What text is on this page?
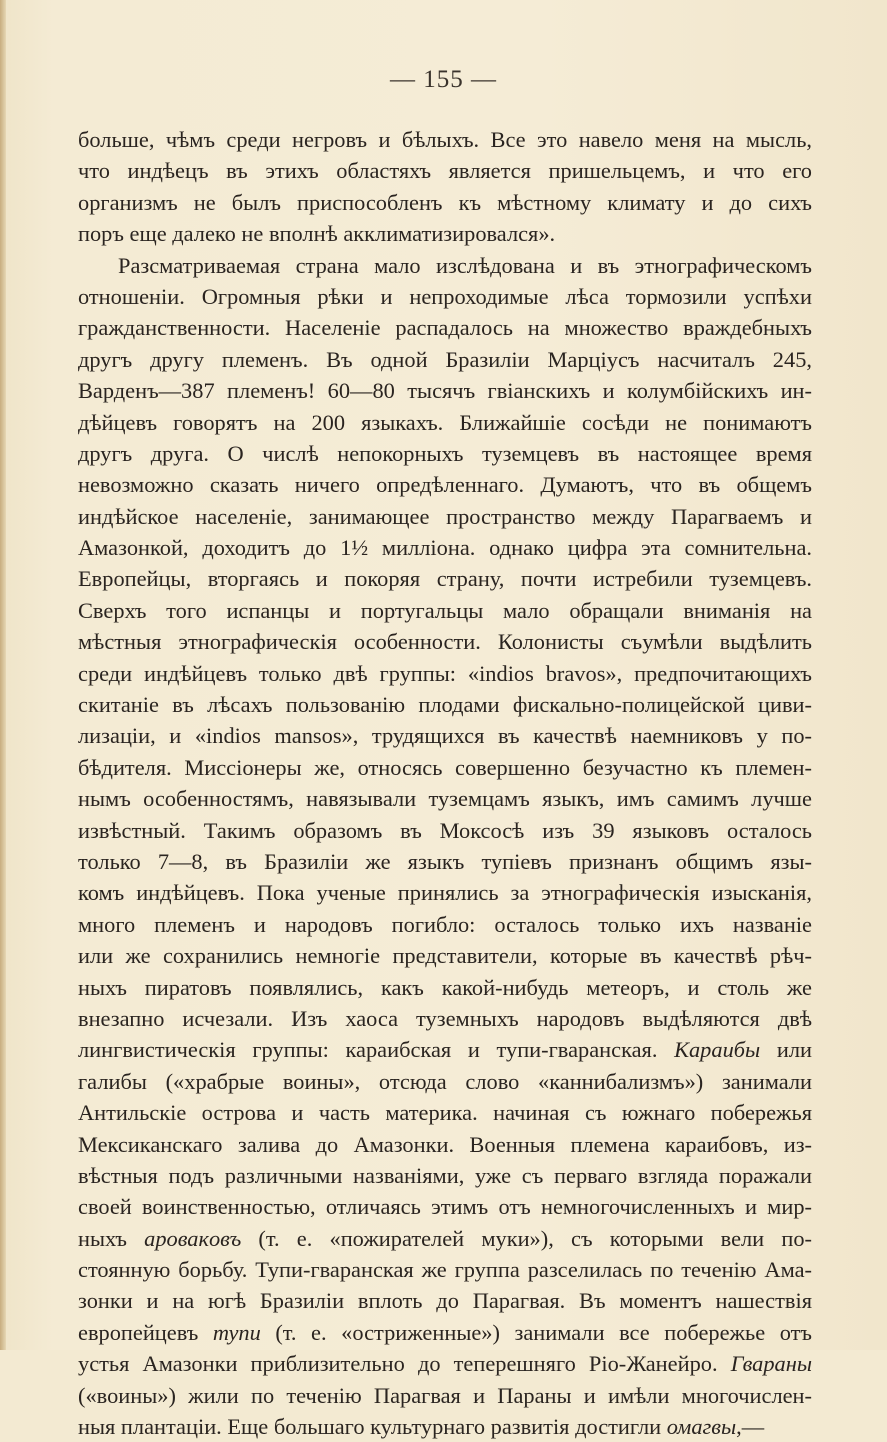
— 155 —
больше, чѣмъ среди негровъ и бѣлыхъ. Все это навело меня на мысль,
что индѣецъ въ этихъ областяхъ является пришельцемъ, и что его
организмъ не былъ приспособленъ къ мѣстному климату и до сихъ
поръ еще далеко не вполнѣ акклиматизировался».
Разсматриваемая страна мало изслѣдована и въ этнографическомъ
отношеніи. Огромныя рѣки и непроходимые лѣса тормозили успѣхи
гражданственности. Населеніе распадалось на множество враждебныхъ
другъ другу племенъ. Въ одной Бразиліи Марціусъ насчиталъ 245,
Варденъ—387 племенъ! 60—80 тысячъ гвіанскихъ и колумбійскихъ ин-
дѣйцевъ говорятъ на 200 языкахъ. Ближайшіе сосѣди не понимаютъ
другъ друга. О числѣ непокорныхъ туземцевъ въ настоящее время
невозможно сказать ничего опредѣленнаго. Думаютъ, что въ общемъ
индѣйское населеніе, занимающее пространство между Парагваемъ и
Амазонкой, доходитъ до 1½ милліона. однако цифра эта сомнительна.
Европейцы, вторгаясь и покоряя страну, почти истребили туземцевъ.
Сверхъ того испанцы и португальцы мало обращали вниманія на
мѣстныя этнографическія особенности. Колонисты съумѣли выдѣлить
среди индѣйцевъ только двѣ группы: «indios bravos», предпочитающихъ
скитаніе въ лѣсахъ пользованію плодами фискально-полицейской циви-
лизаціи, и «indios mansos», трудящихся въ качествѣ наемниковъ у по-
бѣдителя. Миссіонеры же, относясь совершенно безучастно къ племен-
нымъ особенностямъ, навязывали туземцамъ языкъ, имъ самимъ лучше
извѣстный. Такимъ образомъ въ Моксосѣ изъ 39 языковъ осталось
только 7—8, въ Бразиліи же языкъ тупіевъ признанъ общимъ язы-
комъ индѣйцевъ. Пока ученые принялись за этнографическія изысканія,
много племенъ и народовъ погибло: осталось только ихъ названіе
или же сохранились немногіе представители, которые въ качествѣ рѣч-
ныхъ пиратовъ появлялись, какъ какой-нибудь метеоръ, и столь же
внезапно исчезали. Изъ хаоса туземныхъ народовъ выдѣляются двѣ
лингвистическія группы: караибская и тупи-гваранская. Караибы или
галибы («храбрые воины», отсюда слово «каннибализмъ») занимали
Антильскіе острова и часть материка. начиная съ южнаго побережья
Мексиканскаго залива до Амазонки. Военныя племена караибовъ, из-
вѣстныя подъ различными названіями, уже съ перваго взгляда поражали
своей воинственностью, отличаясь этимъ отъ немногочисленныхъ и мир-
ныхъ аровакoвъ (т. е. «пожирателей муки»), съ которыми вели по-
стоянную борьбу. Тупи-гваранская же группа разселилась по теченію Ама-
зонки и на югѣ Бразиліи вплоть до Парагвая. Въ моментъ нашествія
европейцевъ тупи (т. е. «остриженные») занимали все побережье отъ
устья Амазонки приблизительно до теперешняго Ріо-Жанейро. Гвараны
(«воины») жили по теченію Парагвая и Параны и имѣли многочислен-
ныя плантаціи. Еще большаго культурнаго развитія достигли омагвы,—
